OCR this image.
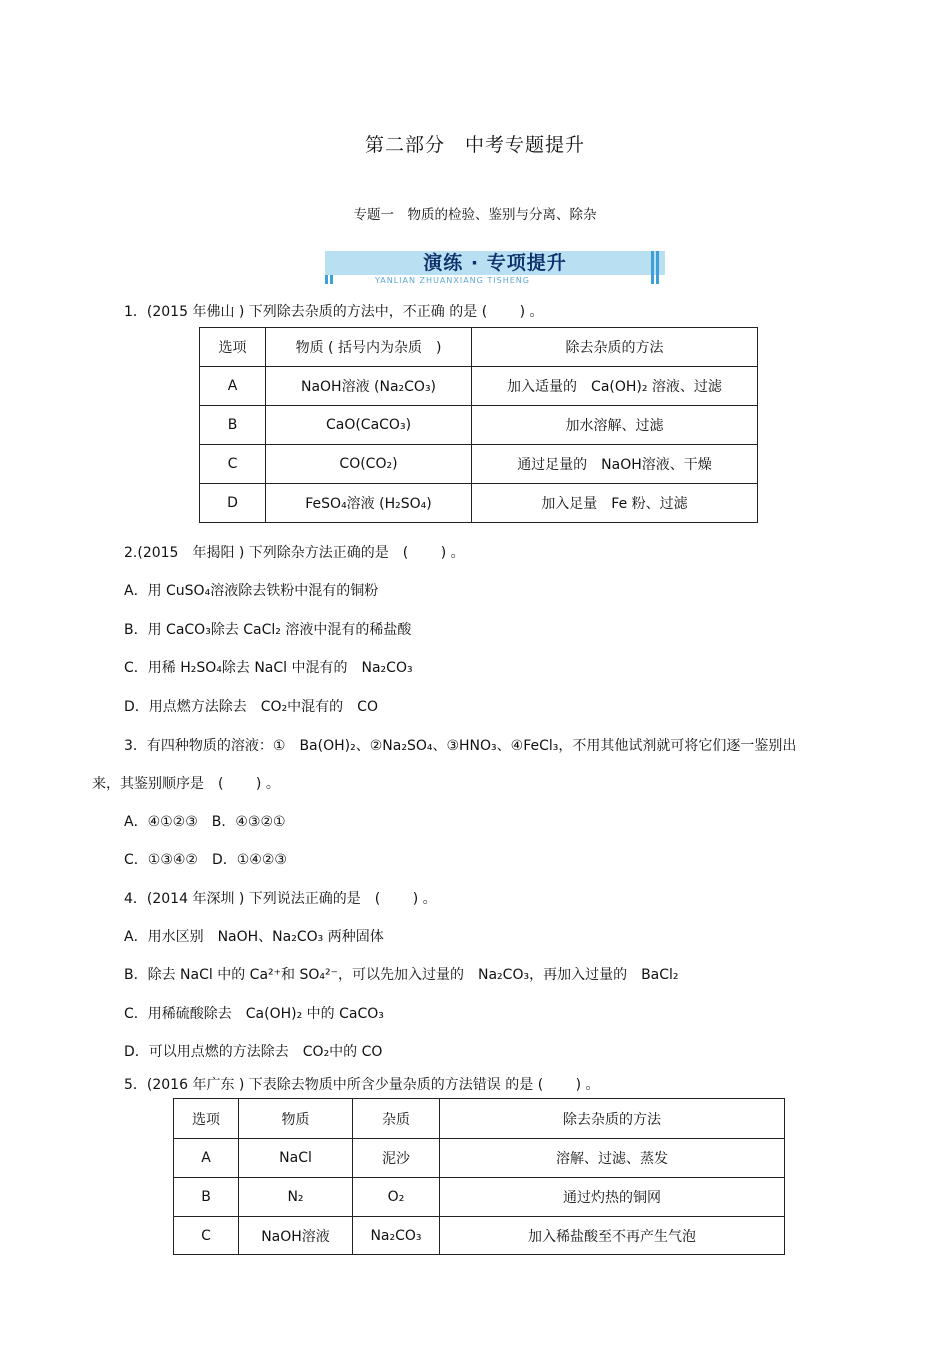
第二部分　中考专题提升
专题一　物质的检验、鉴别与分离、除杂
演练 · 专项提升
YANLIAN ZHUANXIANG TISHENG
1．(2015 年佛山 ) 下列除去杂质的方法中，不正确 的是 (　　 ) 。
选项	物质 ( 括号内为杂质　)	除去杂质的方法
A	NaOH溶液 (Na₂CO₃)	加入适量的　Ca(OH)₂ 溶液、过滤
B	CaO(CaCO₃)	加水溶解、过滤
C	CO(CO₂)	通过足量的　NaOH溶液、干燥
D	FeSO₄溶液 (H₂SO₄)	加入足量　Fe 粉、过滤
2.(2015　年揭阳 ) 下列除杂方法正确的是　(　　 ) 。
A．用 CuSO₄溶液除去铁粉中混有的铜粉
B．用 CaCO₃除去 CaCl₂ 溶液中混有的稀盐酸
C．用稀 H₂SO₄除去 NaCl 中混有的　Na₂CO₃
D．用点燃方法除去　CO₂中混有的　CO
3．有四种物质的溶液：①　Ba(OH)₂、②Na₂SO₄、③HNO₃、④FeCl₃，不用其他试剂就可将它们逐一鉴别出
来，其鉴别顺序是　(　　 ) 。
A．④①②③　B．④③②①
C．①③④②　D．①④②③
4．(2014 年深圳 ) 下列说法正确的是　(　　 ) 。
A．用水区别　NaOH、Na₂CO₃ 两种固体
B．除去 NaCl 中的 Ca²⁺和 SO₄²⁻，可以先加入过量的　Na₂CO₃，再加入过量的　BaCl₂
C．用稀硫酸除去　Ca(OH)₂ 中的 CaCO₃
D．可以用点燃的方法除去　CO₂中的 CO
5．(2016 年广东 ) 下表除去物质中所含少量杂质的方法错误 的是 (　　 ) 。
选项	物质	杂质	除去杂质的方法
A	NaCl	泥沙	溶解、过滤、蒸发
B	N₂	O₂	通过灼热的铜网
C	NaOH溶液	Na₂CO₃	加入稀盐酸至不再产生气泡
